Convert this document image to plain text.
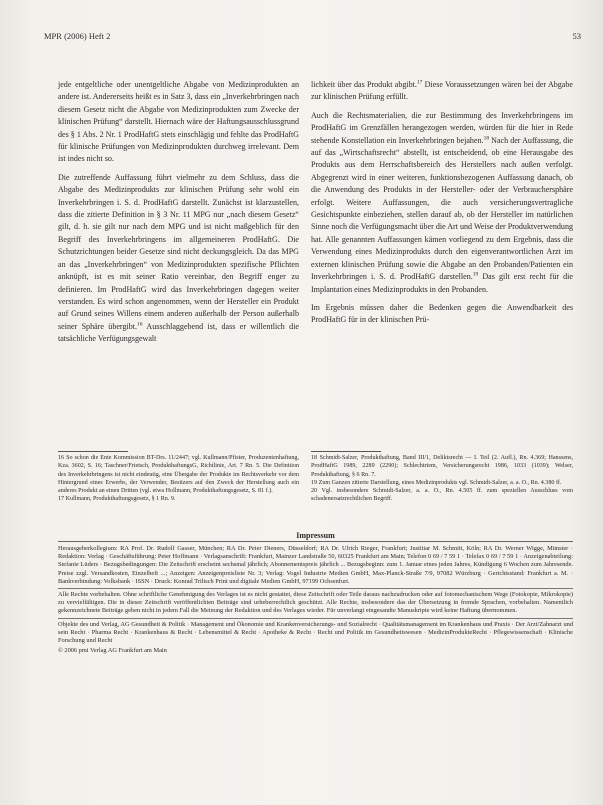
MPR (2006) Heft 2	53

jede entgeltliche oder unentgeltliche Abgabe von Medizinprodukten an andere ist. Andererseits heißt es in Satz 3, dass ein „Inverkehrbringen nach diesem Gesetz nicht die Abgabe von Medizinprodukten zum Zwecke der klinischen Prüfung“ darstellt. Hiernach wäre der Haftungsausschlussgrund des § 1 Abs. 2 Nr. 1 ProdHaftG stets einschlägig und fehlte das ProdHaftG für klinische Prüfungen von Medizinprodukten durchweg irrelevant. Dem ist indes nicht so.

Die zutreffende Auffassung führt vielmehr zu dem Schluss, dass die Abgabe des Medizinprodukts zur klinischen Prüfung sehr wohl ein Inverkehrbringen i. S. d. ProdHaftG darstellt. Zunächst ist klarzustellen, dass die zitierte Definition in § 3 Nr. 11 MPG nur „nach diesem Gesetz“ gilt, d. h. sie gilt nur nach dem MPG und ist nicht maßgeblich für den Begriff des Inverkehrbringens im allgemeineren ProdHaftG. Die Schutzrichtungen beider Gesetze sind nicht deckungsgleich. Da das MPG an das „Inverkehrbringen“ von Medizinprodukten spezifische Pflichten anknüpft, ist es mit seiner Ratio vereinbar, den Begriff enger zu definieren. Im ProdHaftG wird das Inverkehrbringen dagegen weiter verstanden. Es wird schon angenommen, wenn der Hersteller ein Produkt auf Grund seines Willens einem anderen außerhalb der Person außerhalb seiner Sphäre übergibt.$^{16}$ Ausschlaggebend ist, dass er willentlich die tatsächliche Verfügungsgewalt

lichkeit über das Produkt abgibt.$^{17}$ Diese Voraussetzungen wären bei der Abgabe zur klinischen Prüfung erfüllt.

Auch die Rechtsmaterialien, die zur Bestimmung des Inverkehrbringens im ProdHaftG im Grenzfällen herangezogen werden, würden für die hier in Rede stehende Konstellation ein Inverkehrbringen bejahen.$^{18}$ Nach der Auffassung, die auf das „Wirtschaftsrecht“ abstellt, ist entscheidend, ob eine Herausgabe des Produkts aus dem Herrschaftsbereich des Herstellers nach außen verfolgt. Abgegrenzt wird in einer weiteren, funktionsbezogenen Auffassung danach, ob die Anwendung des Produkts in der Hersteller- oder der Verbrauchersphäre erfolgt. Weitere Auffassungen, die auch versicherungsvertragliche Gesichtspunkte einbeziehen, stellen darauf ab, ob der Hersteller im natürlichen Sinne noch die Verfügungsmacht über die Art und Weise der Produktverwendung hat. Alle genannten Auffassungen kämen vorliegend zu dem Ergebnis, dass die Verwendung eines Medizinprodukts durch den eigenverantwortlichen Arzt im externen klinischen Prüfung sowie die Abgabe an den Probanden/Patienten ein Inverkehrbringen i. S. d. ProdHaftG darstellen.$^{19}$ Das gilt erst recht für die Implantation eines Medizinprodukts in den Probanden.

Im Ergebnis müssen daher die Bedenken gegen die Anwendbarkeit des ProdHaftG für in der klinischen Prü-

16 So schon die Ente Kommission BT-Drs. 11/2447; vgl. Kullmann/Pfister, Produzentenhaftung, Kza. 3602, S. 16; Taschner/Frietsch, ProdukthaftungsG, Richtlinie, Art. 7 Rn. 5. Die Definition des Inverkehrbringens ist nicht eindeutig, eine Übergabe der Produkte im Rechtsverkehr vor dem Hintergrund eines Erwerbs, der Verwender, Besitzers auf den Zweck der Herstellung auch ein anderes Produkt an einen Dritten (vgl. etwa Hollmann, Produkthaftungsgesetz, S. 81 f.).
17 Kullmann, Produkthaftungsgesetz, § 1 Rn. 9.
18 Schmidt-Salzer, Produkthaftung, Band III/1, Deliktsrecht — I. Teil (2. Aufl.), Rn. 4.369; Hanssens, ProdHaftG 1989, 2289 (2290); Schlechtriem, Versicherungsrecht 1986, 1033 (1039); Welser, Produkthaftung, § 6 Rn. 7.
19 Zum Ganzen zitierte Darstellung, eines Medizinprodukts vgl. Schmidt-Salzer, a. a. O., Rn. 4.380 ff.
20 Vgl. insbesondere Schmidt-Salzer, a. a. O., Rn. 4.505 ff. zum speziellen Ausschluss vom schadenersatzrechtlichen Begriff.
Impressum

Herausgeberkollegium: RA Prof. Dr. Rudolf Gasser, München; RA Dr. Peter Dieners, Düsseldorf; RA Dr. Ulrich Rieger, Frankfurt; Justitiar M. Schmitt, Köln; RA Dr. Werner Wigge, Münster · Redaktion: Verlag · Geschäftsführung: Peter Hoffmann · Verlagsanschrift: Frankfurt, Mainzer Landstraße 50, 60325 Frankfurt am Main; Telefon 0 69 / 7 59 1 · Telefax 0 69 / 7 59 1 · Anzeigenabteilung: Stefanie Lüders · Bezugsbedingungen: Die Zeitschrift erscheint sechsmal jährlich; Abonnementspreis jährlich ... Bezugsbeginn: zum 1. Januar eines jeden Jahres, Kündigung 6 Wochen zum Jahresende. Preise zzgl. Versandkosten, Einzelheft ...; Anzeigen: Anzeigenpreisliste Nr. 3; Verlag: Vogel Industrie Medien GmbH, Max-Planck-Straße 7/9, 97082 Würzburg · Gerichtsstand: Frankfurt a. M. · Bankverbindung: Volksbank · ISSN · Druck: Konrad Triltsch Print und digitale Medien GmbH, 97199 Ochsenfurt.

Alle Rechte vorbehalten. Ohne schriftliche Genehmigung des Verlages ist es nicht gestattet, diese Zeitschrift oder Teile daraus nachzudrucken oder auf fotomechanischem Wege (Fotokopie, Mikrokopie) zu vervielfältigen. Die in dieser Zeitschrift veröffentlichten Beiträge sind urheberrechtlich geschützt. Alle Rechte, insbesondere das der Übersetzung in fremde Sprachen, vorbehalten. Namentlich gekennzeichnete Beiträge geben nicht in jedem Fall die Meinung der Redaktion und des Verlages wieder. Für unverlangt eingesandte Manuskripte wird keine Haftung übernommen.

Objekte des und Verlag, AG Gesundheit & Politik · Management und Ökonomie und Krankenversicherungs- und Sozialrecht · Qualitätsmanagement im Krankenhaus und Praxis · Der Arzt/Zahnarzt und sein Recht · Pharma Recht · Krankenhaus & Recht · Lebensmittel & Recht · Apotheke & Recht · Recht und Politik im Gesundheitswesen · MedizinProdukteRecht · Pflegewissenschaft · Klinische Forschung und Recht

© 2006 pmi Verlag AG Frankfurt am Main
